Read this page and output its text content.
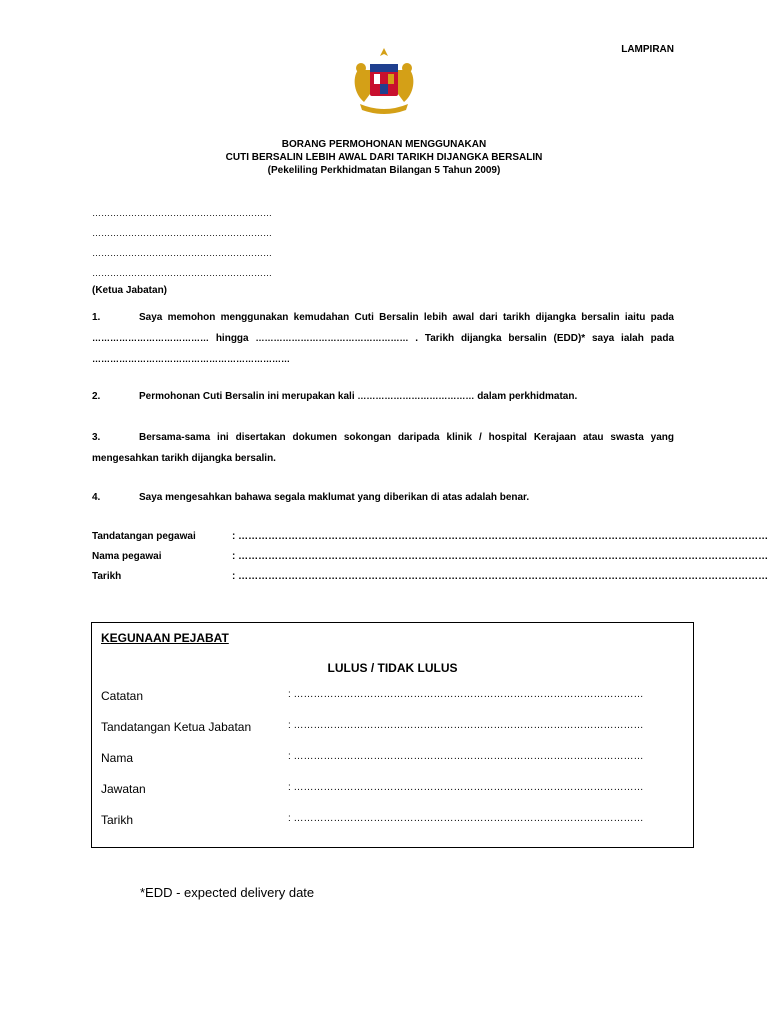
LAMPIRAN
BORANG PERMOHONAN MENGGUNAKAN
CUTI BERSALIN LEBIH AWAL DARI TARIKH DIJANGKA BERSALIN
(Pekeliling Perkhidmatan Bilangan 5 Tahun 2009)
……………………………………………………
……………………………………………………
……………………………………………………
……………………………………………………
(Ketua Jabatan)
1.	Saya memohon menggunakan kemudahan Cuti Bersalin lebih awal dari tarikh dijangka bersalin iaitu pada ………………………………… hingga …………………………………………… . Tarikh dijangka bersalin (EDD)* saya ialah pada …………………………………………………………
2.	Permohonan Cuti Bersalin ini merupakan kali ………………………………… dalam perkhidmatan.
3.	Bersama-sama ini disertakan dokumen sokongan daripada klinik / hospital Kerajaan atau swasta yang mengesahkan tarikh dijangka bersalin.
4.	Saya mengesahkan bahawa segala maklumat yang diberikan di atas adalah benar.
Tandatangan pegawai	: ……………………………………………………………………………………………………………………………………………
Nama pegawai	: ……………………………………………………………………………………………………………………………………………
Tarikh	: ……………………………………………………………………………………………………………………………………………
KEGUNAAN PEJABAT
LULUS / TIDAK LULUS
Catatan	: ……………………………………………………………………………………………
Tandatangan Ketua Jabatan	: ……………………………………………………………………………………………
Nama	: ……………………………………………………………………………………………
Jawatan	: ……………………………………………………………………………………………
Tarikh	: ……………………………………………………………………………………………
*EDD - expected delivery date
